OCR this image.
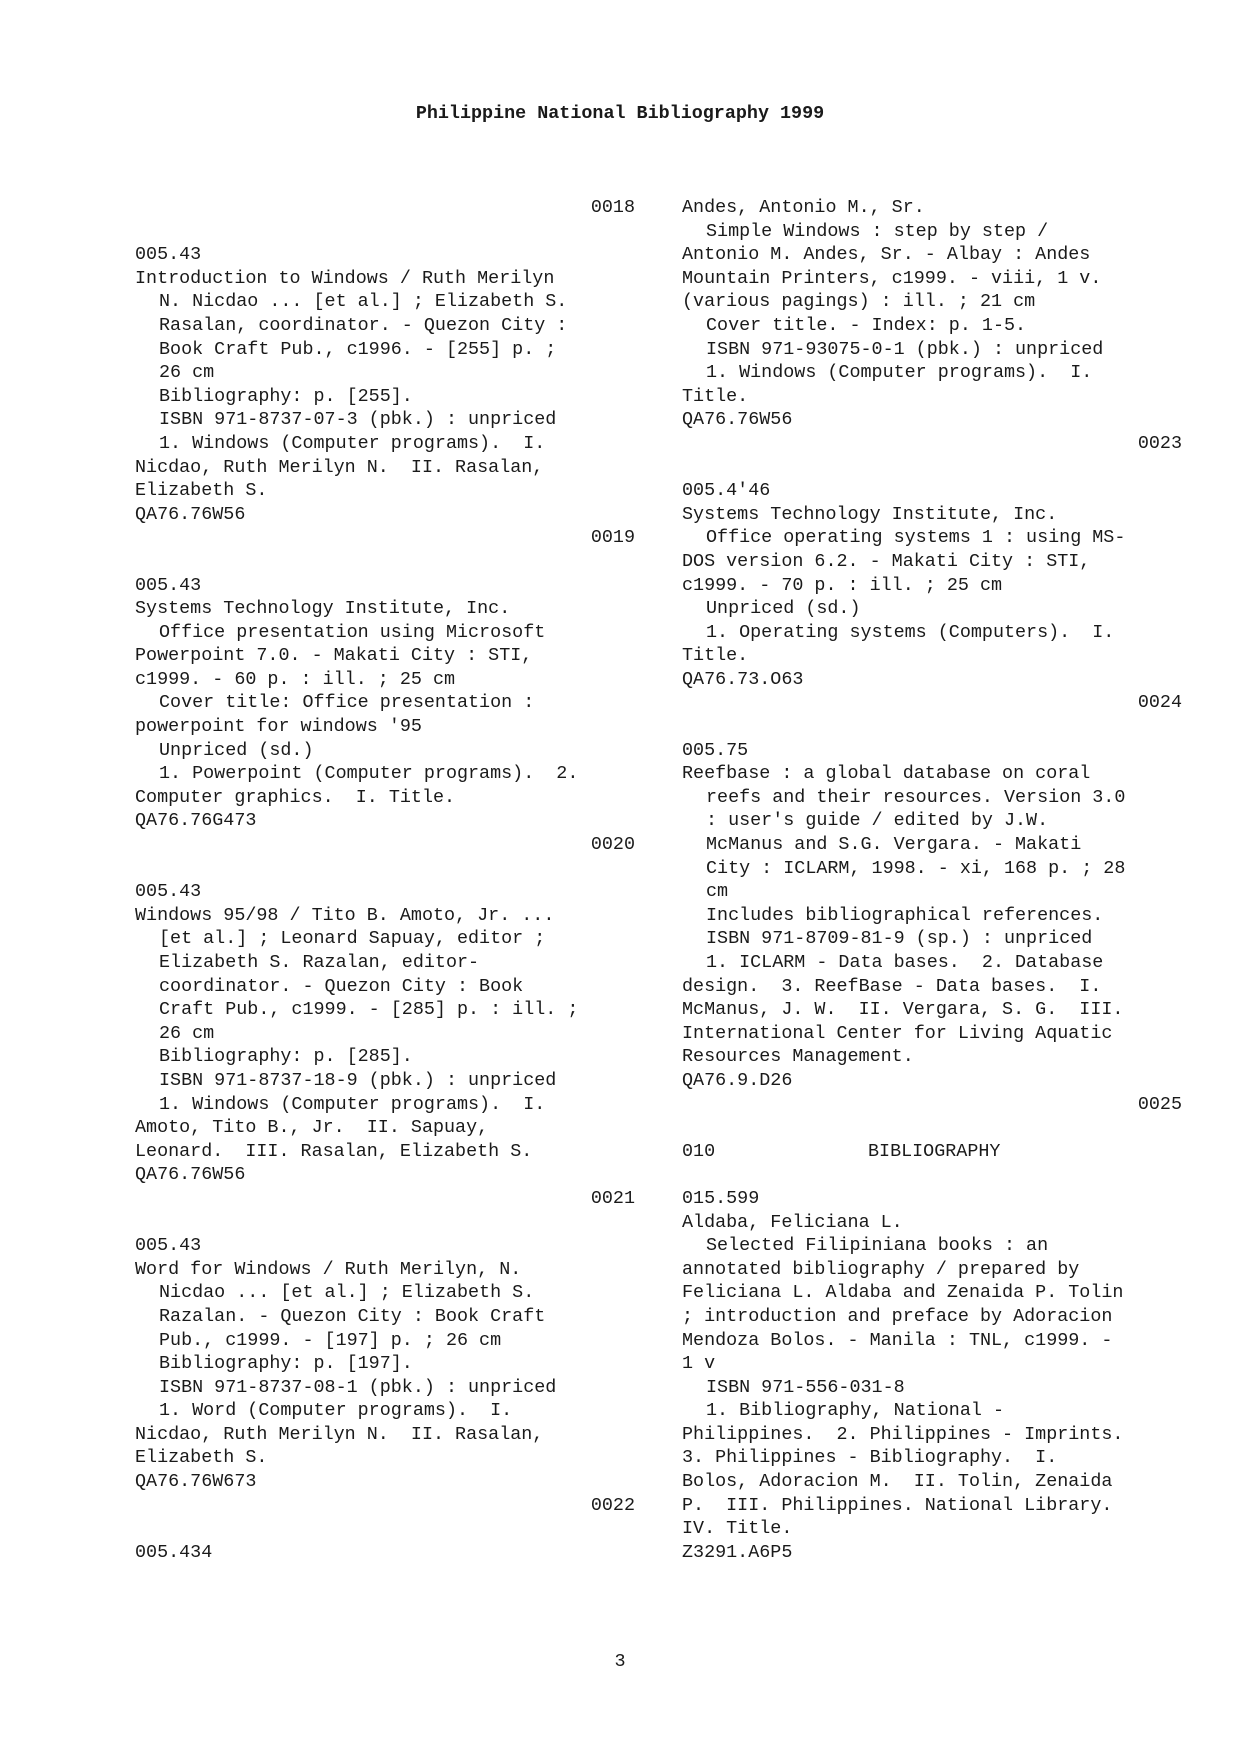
Philippine National Bibliography 1999
0018
005.43
Introduction to Windows / Ruth Merilyn
N. Nicdao ... [et al.] ; Elizabeth S.
Rasalan, coordinator. - Quezon City :
Book Craft Pub., c1996. - [255] p. ;
26 cm
Bibliography: p. [255].
ISBN 971-8737-07-3 (pbk.) : unpriced
1. Windows (Computer programs).  I.
Nicdao, Ruth Merilyn N.  II. Rasalan,
Elizabeth S.
QA76.76W56
0019
005.43
Systems Technology Institute, Inc.
Office presentation using Microsoft
Powerpoint 7.0. - Makati City : STI,
c1999. - 60 p. : ill. ; 25 cm
Cover title: Office presentation :
powerpoint for windows '95
Unpriced (sd.)
1. Powerpoint (Computer programs).  2.
Computer graphics.  I. Title.
QA76.76G473
0020
005.43
Windows 95/98 / Tito B. Amoto, Jr. ...
[et al.] ; Leonard Sapuay, editor ;
Elizabeth S. Razalan, editor-
coordinator. - Quezon City : Book
Craft Pub., c1999. - [285] p. : ill. ;
26 cm
Bibliography: p. [285].
ISBN 971-8737-18-9 (pbk.) : unpriced
1. Windows (Computer programs).  I.
Amoto, Tito B., Jr.  II. Sapuay,
Leonard.  III. Rasalan, Elizabeth S.
QA76.76W56
0021
005.43
Word for Windows / Ruth Merilyn, N.
Nicdao ... [et al.] ; Elizabeth S.
Razalan. - Quezon City : Book Craft
Pub., c1999. - [197] p. ; 26 cm
Bibliography: p. [197].
ISBN 971-8737-08-1 (pbk.) : unpriced
1. Word (Computer programs).  I.
Nicdao, Ruth Merilyn N.  II. Rasalan,
Elizabeth S.
QA76.76W673
0022
005.434
Andes, Antonio M., Sr.
Simple Windows : step by step /
Antonio M. Andes, Sr. - Albay : Andes
Mountain Printers, c1999. - viii, 1 v.
(various pagings) : ill. ; 21 cm
Cover title. - Index: p. 1-5.
ISBN 971-93075-0-1 (pbk.) : unpriced
1. Windows (Computer programs).  I.
Title.
QA76.76W56
0023
005.4'46
Systems Technology Institute, Inc.
Office operating systems 1 : using MS-
DOS version 6.2. - Makati City : STI,
c1999. - 70 p. : ill. ; 25 cm
Unpriced (sd.)
1. Operating systems (Computers).  I.
Title.
QA76.73.O63
0024
005.75
Reefbase : a global database on coral
reefs and their resources. Version 3.0
: user's guide / edited by J.W.
McManus and S.G. Vergara. - Makati
City : ICLARM, 1998. - xi, 168 p. ; 28
cm
Includes bibliographical references.
ISBN 971-8709-81-9 (sp.) : unpriced
1. ICLARM - Data bases.  2. Database
design.  3. ReefBase - Data bases.  I.
McManus, J. W.  II. Vergara, S. G.  III.
International Center for Living Aquatic
Resources Management.
QA76.9.D26
0025
010	BIBLIOGRAPHY
015.599
Aldaba, Feliciana L.
Selected Filipiniana books : an
annotated bibliography / prepared by
Feliciana L. Aldaba and Zenaida P. Tolin
; introduction and preface by Adoracion
Mendoza Bolos. - Manila : TNL, c1999. -
1 v
ISBN 971-556-031-8
1. Bibliography, National -
Philippines.  2. Philippines - Imprints.
3. Philippines - Bibliography.  I.
Bolos, Adoracion M.  II. Tolin, Zenaida
P.  III. Philippines. National Library.
IV. Title.
Z3291.A6P5
3
